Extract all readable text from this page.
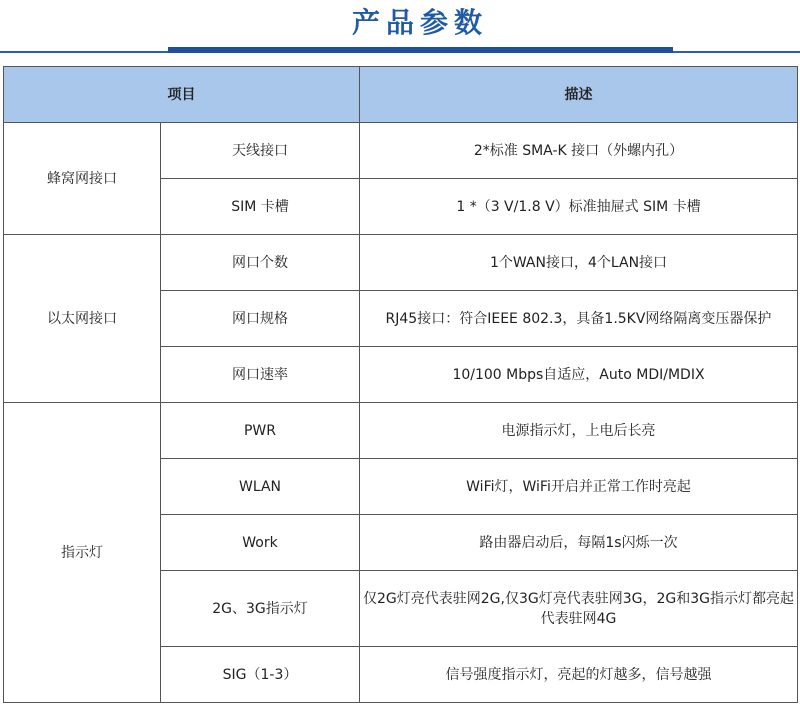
产品参数
项目		描述
蜂窝网接口	天线接口	2*标准 SMA-K 接口（外螺内孔）
	SIM 卡槽	1 *（3 V/1.8 V）标准抽屉式 SIM 卡槽
以太网接口	网口个数	1个WAN接口，4个LAN接口
	网口规格	RJ45接口：符合IEEE 802.3，具备1.5KV网络隔离变压器保护
	网口速率	10/100 Mbps自适应，Auto MDI/MDIX
指示灯	PWR	电源指示灯，上电后长亮
	WLAN	WiFi灯，WiFi开启并正常工作时亮起
	Work	路由器启动后，每隔1s闪烁一次
	2G、3G指示灯	仅2G灯亮代表驻网2G,仅3G灯亮代表驻网3G，2G和3G指示灯都亮起代表驻网4G
	SIG（1-3）	信号强度指示灯，亮起的灯越多，信号越强
